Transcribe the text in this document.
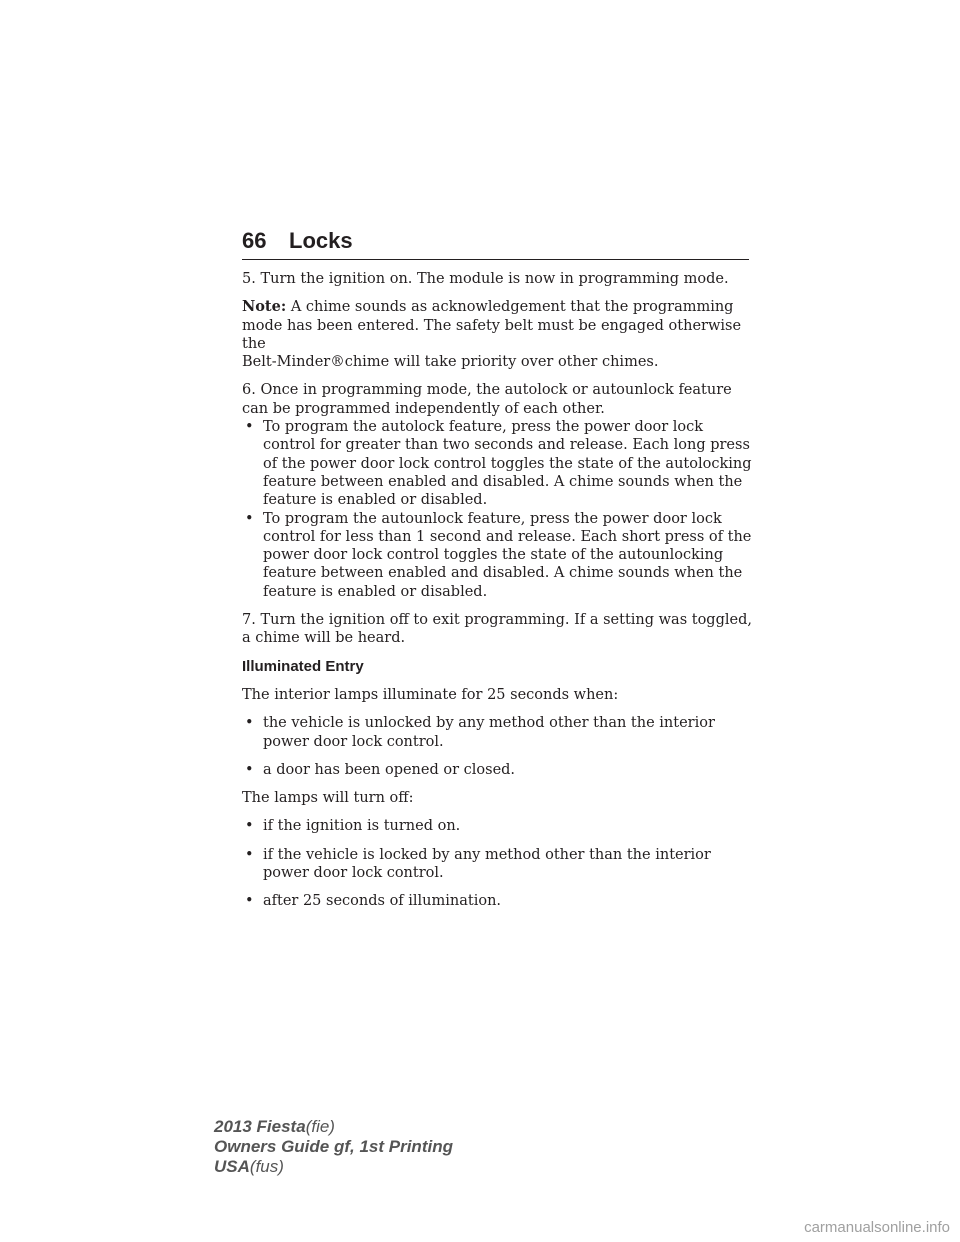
66 Locks

5. Turn the ignition on. The module is now in programming mode.

Note: A chime sounds as acknowledgement that the programming mode has been entered. The safety belt must be engaged otherwise the
Belt-Minder®chime will take priority over other chimes.

6. Once in programming mode, the autolock or autounlock feature can be programmed independently of each other.

• To program the autolock feature, press the power door lock control for greater than two seconds and release. Each long press of the power door lock control toggles the state of the autolocking feature between enabled and disabled. A chime sounds when the feature is enabled or disabled.

• To program the autounlock feature, press the power door lock control for less than 1 second and release. Each short press of the power door lock control toggles the state of the autounlocking feature between enabled and disabled. A chime sounds when the feature is enabled or disabled.

7. Turn the ignition off to exit programming. If a setting was toggled, a chime will be heard.

Illuminated Entry

The interior lamps illuminate for 25 seconds when:

• the vehicle is unlocked by any method other than the interior power door lock control.

• a door has been opened or closed.

The lamps will turn off:

• if the ignition is turned on.

• if the vehicle is locked by any method other than the interior power door lock control.

• after 25 seconds of illumination.

2013 Fiesta(fie)
Owners Guide gf, 1st Printing
USA(fus)
carmanualsonline.info
